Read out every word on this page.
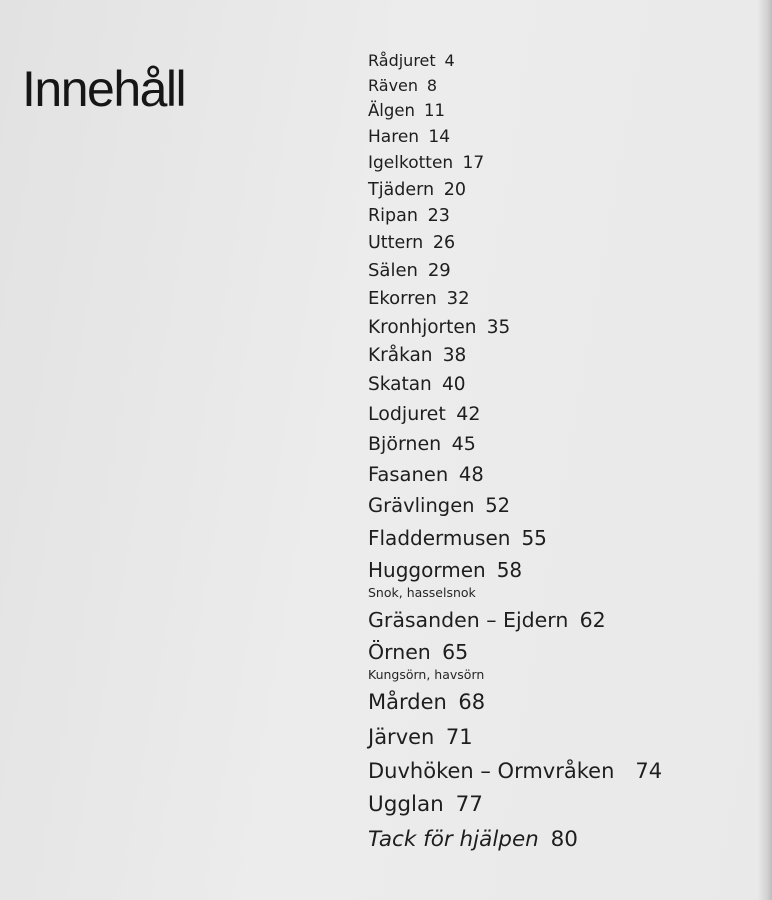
Innehåll
Rådjuret 4
Räven 8
Älgen 11
Haren 14
Igelkotten 17
Tjädern 20
Ripan 23
Uttern 26
Sälen 29
Ekorren 32
Kronhjorten 35
Kråkan 38
Skatan 40
Lodjuret 42
Björnen 45
Fasanen 48
Grävlingen 52
Fladdermusen 55
Huggormen 58
Snok, hasselsnok
Gräsanden – Ejdern 62
Örnen 65
Kungsörn, havsörn
Mården 68
Järven 71
Duvhöken – Ormvråken 74
Ugglan 77
Tack för hjälpen 80
